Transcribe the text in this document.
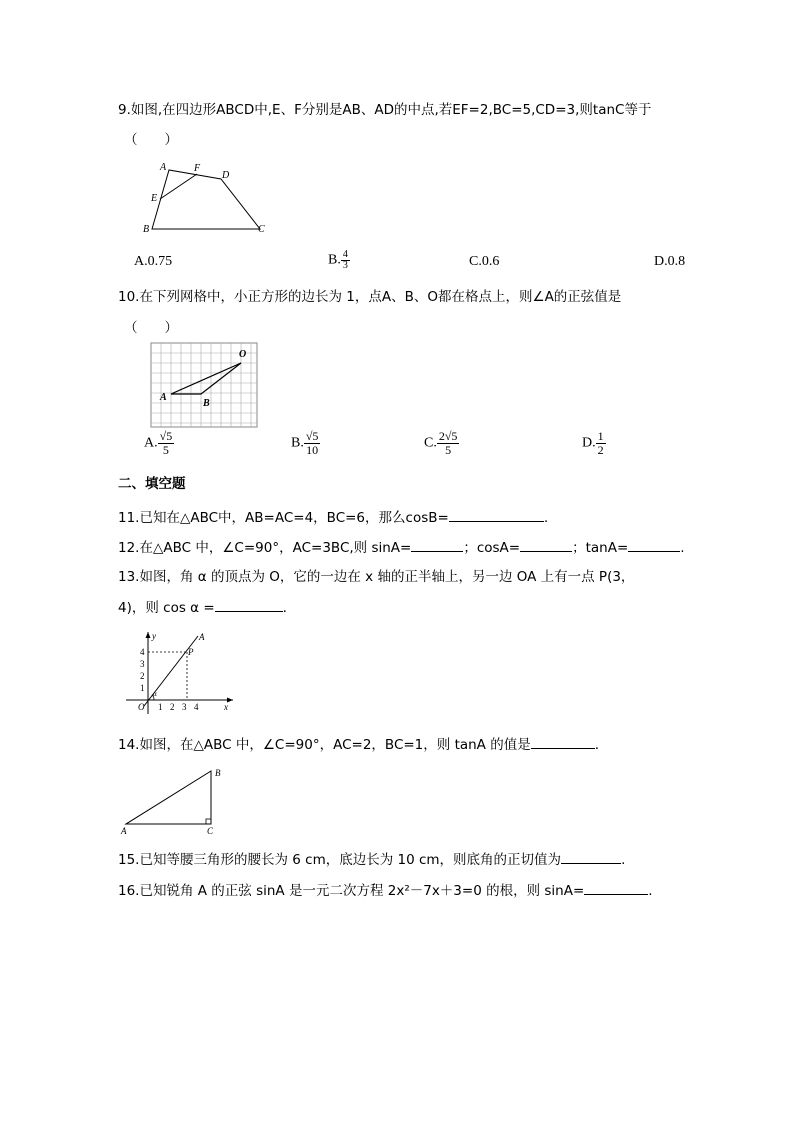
9.如图,在四边形ABCD中,E、F分别是AB、AD的中点,若EF=2,BC=5,CD=3,则tanC等于
（　　）
A	F
D
E
B	C
A.0.75	B. $\frac{4}{3}$	C.0.6	D.0.8
10.在下列网格中，小正方形的边长为 1，点A、B、O都在格点上，则∠A的正弦值是
（　　）
O
A
B
A. $\frac{√5}{5}$	B. $\frac{√5}{10}$	C. $\frac{2√5}{5}$	D. $\frac{1}{2}$
二、填空题
11.已知在△ABC中，AB=AC=4，BC=6，那么cosB=	.
12.在△ABC 中，∠C=90°，AC=3BC,则 sinA=	；cosA=	；tanA=	.
13.如图，角 α 的顶点为 O，它的一边在 x 轴的正半轴上，另一边 OA 上有一点 P(3，
4)，则 cos α =	.
y	A
P
x
O
α
4
3
2
1
1 2 3 4
14.如图，在△ABC 中，∠C=90°，AC=2，BC=1，则 tanA 的值是	.
A
B
C
15.已知等腰三角形的腰长为 6 cm，底边长为 10 cm，则底角的正切值为	.
16.已知锐角 A 的正弦 sinA 是一元二次方程 2x²－7x＋3=0 的根，则 sinA=	.
